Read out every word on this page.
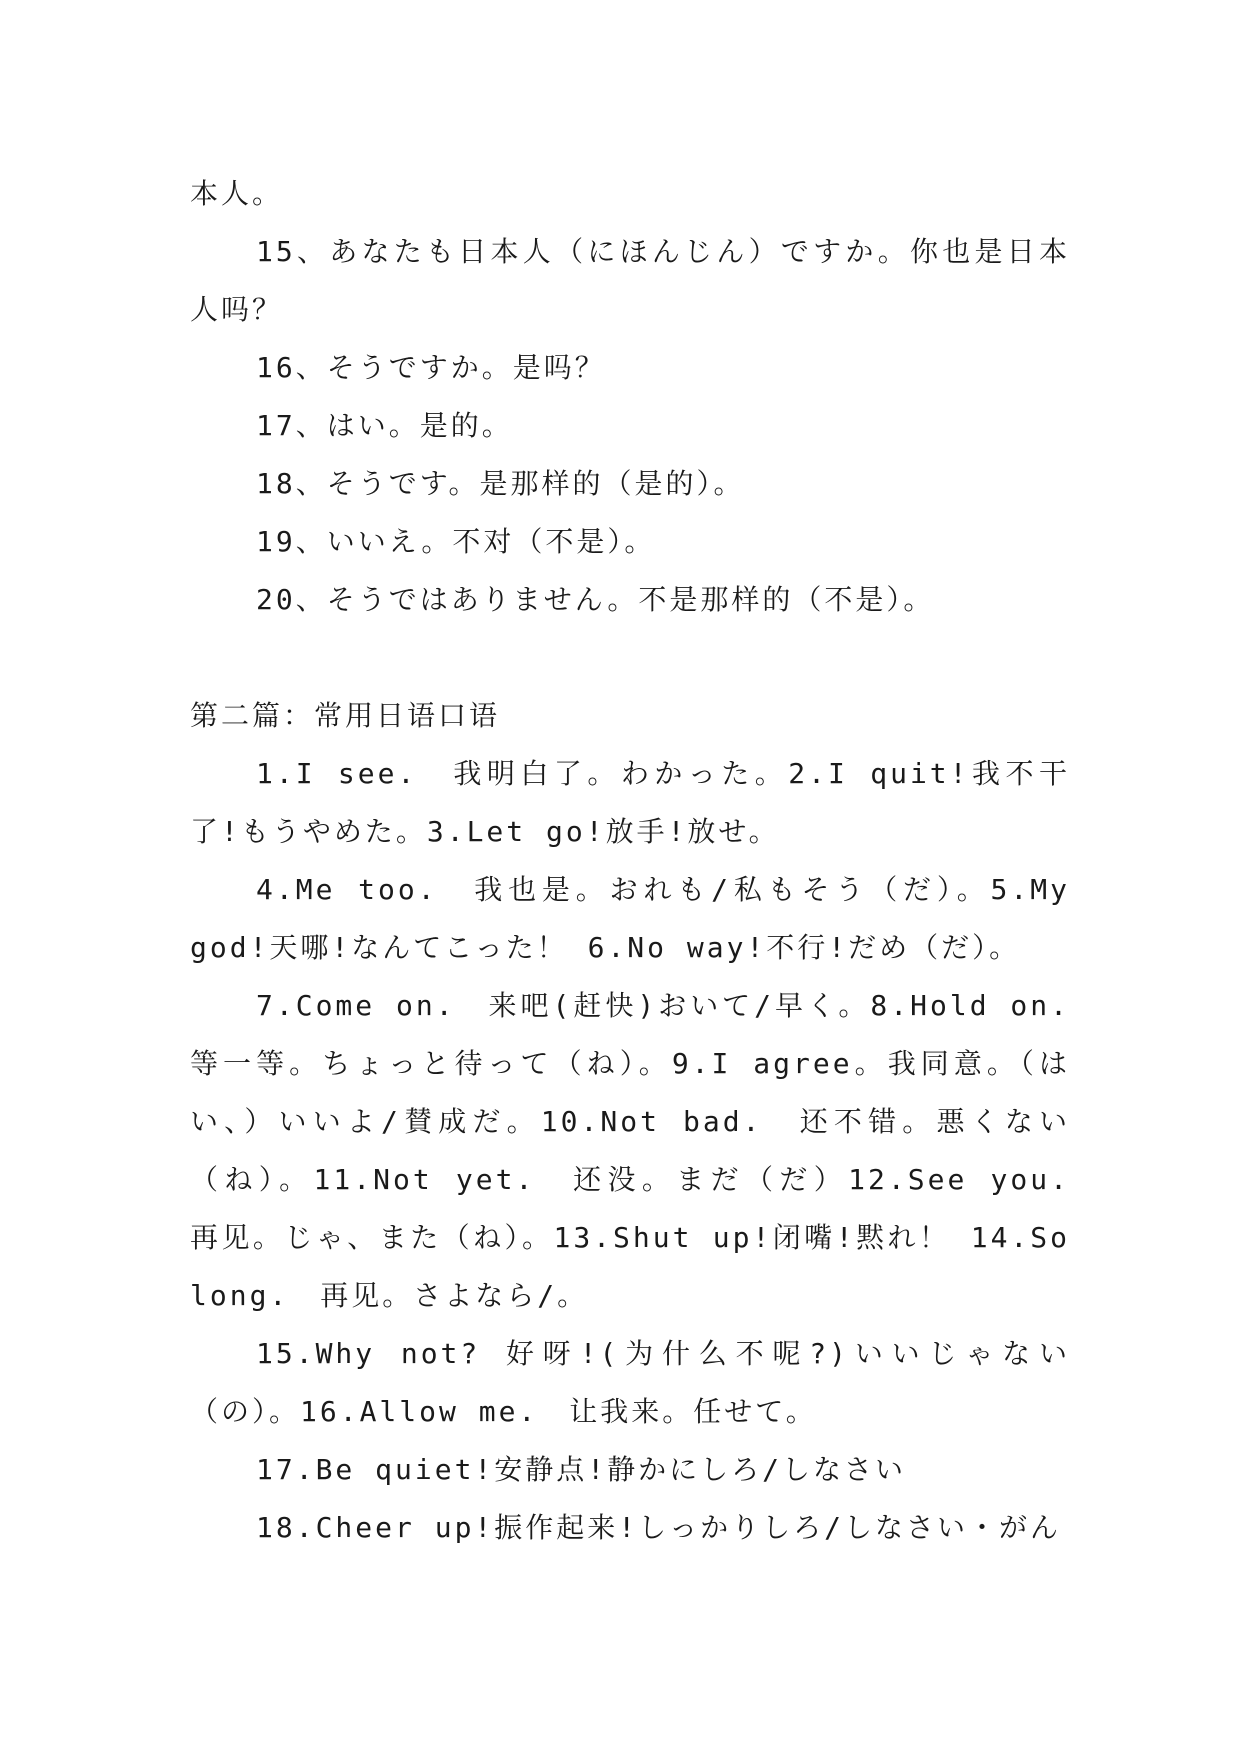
本人。

15、あなたも日本人（にほんじん）ですか。你也是日本人吗？

16、そうですか。是吗？

17、はい。是的。

18、そうです。是那样的（是的）。

19、いいえ。不对（不是）。

20、そうではありません。不是那样的（不是）。

第二篇：常用日语口语

1.I see.　我明白了。わかった。2.I quit!我不干了!もうやめた。3.Let go!放手!放せ。

4.Me too.　我也是。おれも/私もそう（だ）。5.My god!天哪!なんてこった！ 6.No way!不行!だめ（だ）。

7.Come on.　来吧(赶快)おいて/早く。8.Hold on.　等一等。ちょっと待って（ね）。9.I agree。我同意。（はい、）いいよ/賛成だ。10.Not bad.　还不错。悪くない（ね）。11.Not yet.　还没。まだ（だ）12.See you.　再见。じゃ、また（ね）。13.Shut up!闭嘴!黙れ！ 14.So long.　再见。さよなら/。

15.Why not? 好呀!(为什么不呢?)いいじゃない（の）。16.Allow me.　让我来。任せて。

17.Be quiet!安静点!静かにしろ/しなさい

18.Cheer up!振作起来!しっかりしろ/しなさい・がん
